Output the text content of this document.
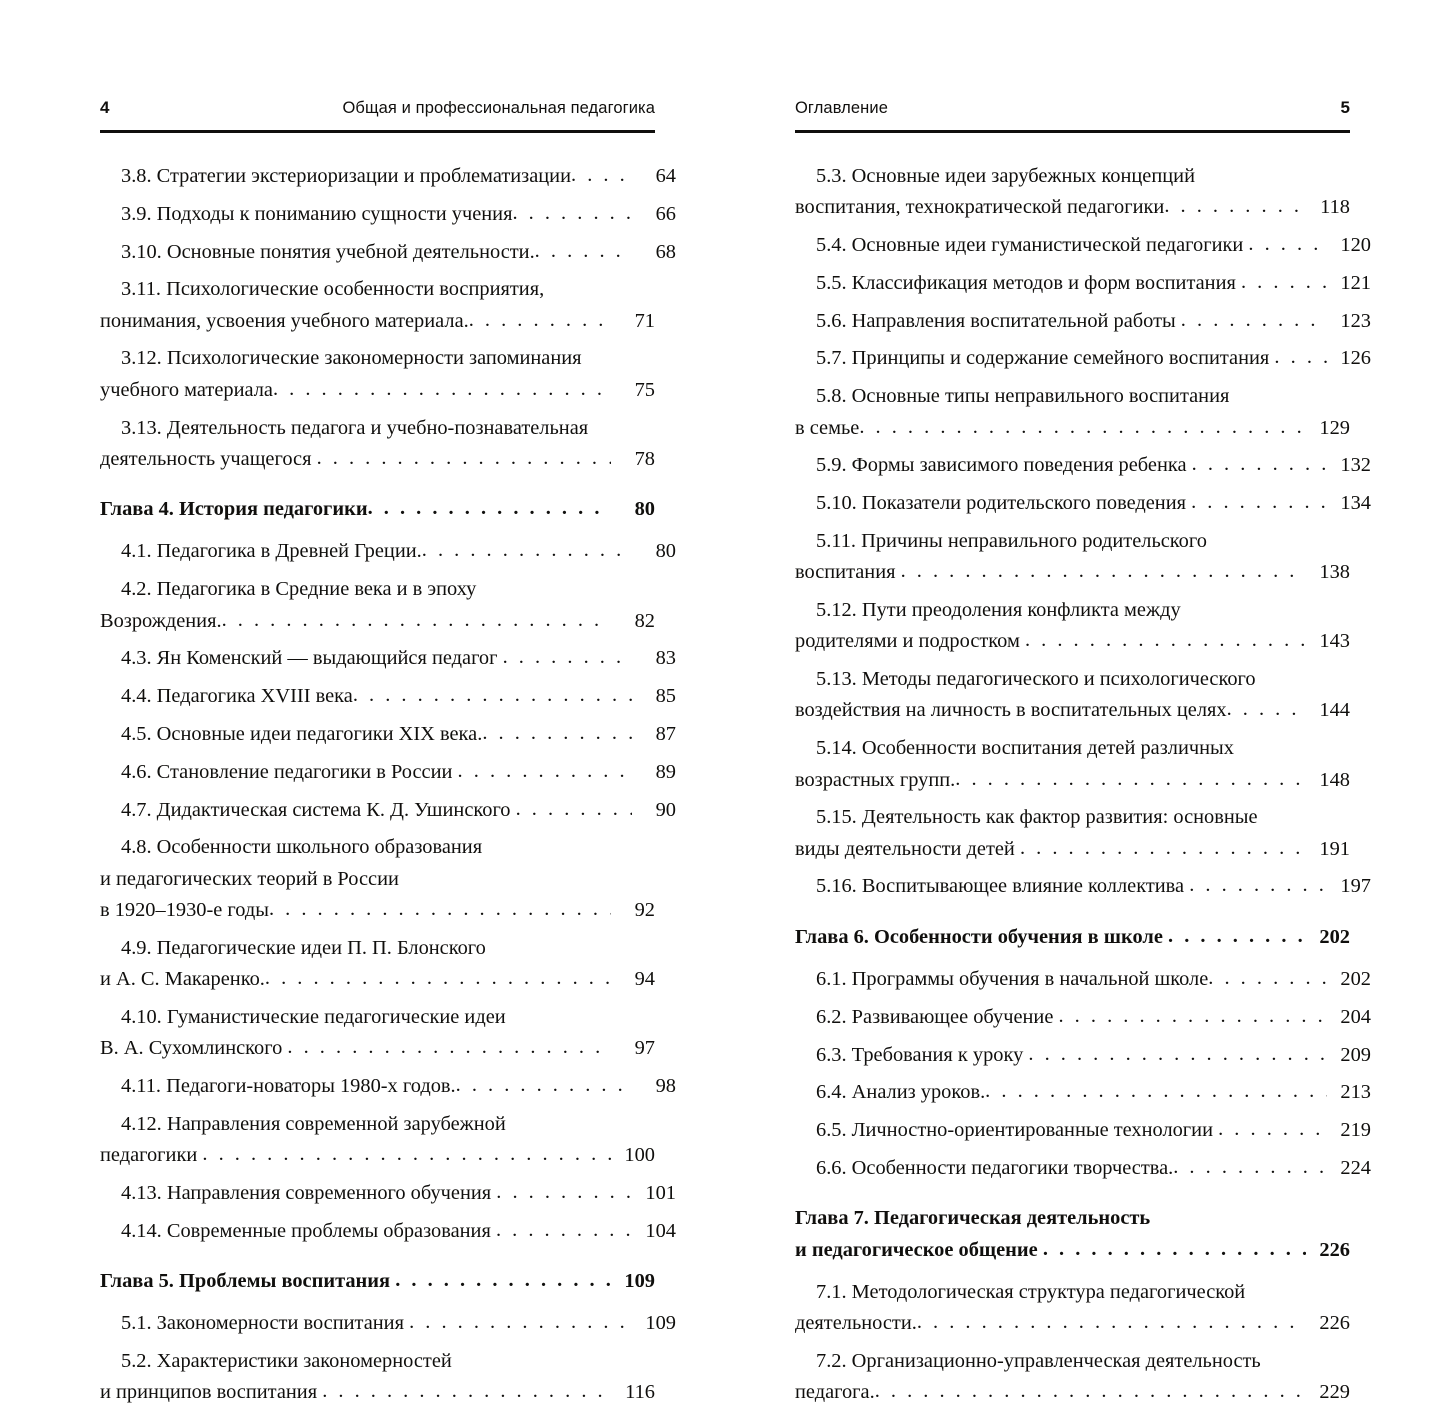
4	Общая и профессиональная педагогика
3.8. Стратегии экстериоризации и проблематизации . . .	64
3.9. Подходы к пониманию сущности учения . . .	66
3.10. Основные понятия учебной деятельности. . . .	68
3.11. Психологические особенности восприятия,
понимания, усвоения учебного материала. . . .	71
3.12. Психологические закономерности запоминания
учебного материала . . .	75
3.13. Деятельность педагога и учебно-познавательная
деятельность учащегося . . .	78
Глава 4. История педагогики . . .	80
4.1. Педагогика в Древней Греции. . . .	80
4.2. Педагогика в Средние века и в эпоху
Возрождения. . . .	82
4.3. Ян Коменский — выдающийся педагог . . .	83
4.4. Педагогика XVIII века . . .	85
4.5. Основные идеи педагогики XIX века. . . .	87
4.6. Становление педагогики в России . . .	89
4.7. Дидактическая система К. Д. Ушинского . . .	90
4.8. Особенности школьного образования
и педагогических теорий в России
в 1920–1930-е годы . . .	92
4.9. Педагогические идеи П. П. Блонского
и А. С. Макаренко. . . .	94
4.10. Гуманистические педагогические идеи
В. А. Сухомлинского . . .	97
4.11. Педагоги-новаторы 1980-х годов. . . .	98
4.12. Направления современной зарубежной
педагогики . . .	100
4.13. Направления современного обучения . . .	101
4.14. Современные проблемы образования . . .	104
Глава 5. Проблемы воспитания . . .	109
5.1. Закономерности воспитания . . .	109
5.2. Характеристики закономерностей
и принципов воспитания . . .	116
Оглавление	5
5.3. Основные идеи зарубежных концепций
воспитания, технократической педагогики . . .	118
5.4. Основные идеи гуманистической педагогики . . .	120
5.5. Классификация методов и форм воспитания . . .	121
5.6. Направления воспитательной работы . . .	123
5.7. Принципы и содержание семейного воспитания . . .	126
5.8. Основные типы неправильного воспитания
в семье . . .	129
5.9. Формы зависимого поведения ребенка . . .	132
5.10. Показатели родительского поведения . . .	134
5.11. Причины неправильного родительского
воспитания . . .	138
5.12. Пути преодоления конфликта между
родителями и подростком . . .	143
5.13. Методы педагогического и психологического
воздействия на личность в воспитательных целях . . .	144
5.14. Особенности воспитания детей различных
возрастных групп. . . .	148
5.15. Деятельность как фактор развития: основные
виды деятельности детей . . .	191
5.16. Воспитывающее влияние коллектива . . .	197
Глава 6. Особенности обучения в школе . . .	202
6.1. Программы обучения в начальной школе . . .	202
6.2. Развивающее обучение . . .	204
6.3. Требования к уроку . . .	209
6.4. Анализ уроков. . . .	213
6.5. Личностно-ориентированные технологии . . .	219
6.6. Особенности педагогики творчества. . . .	224
Глава 7. Педагогическая деятельность
и педагогическое общение . . .	226
7.1. Методологическая структура педагогической
деятельности. . . .	226
7.2. Организационно-управленческая деятельность
педагога. . . .	229
